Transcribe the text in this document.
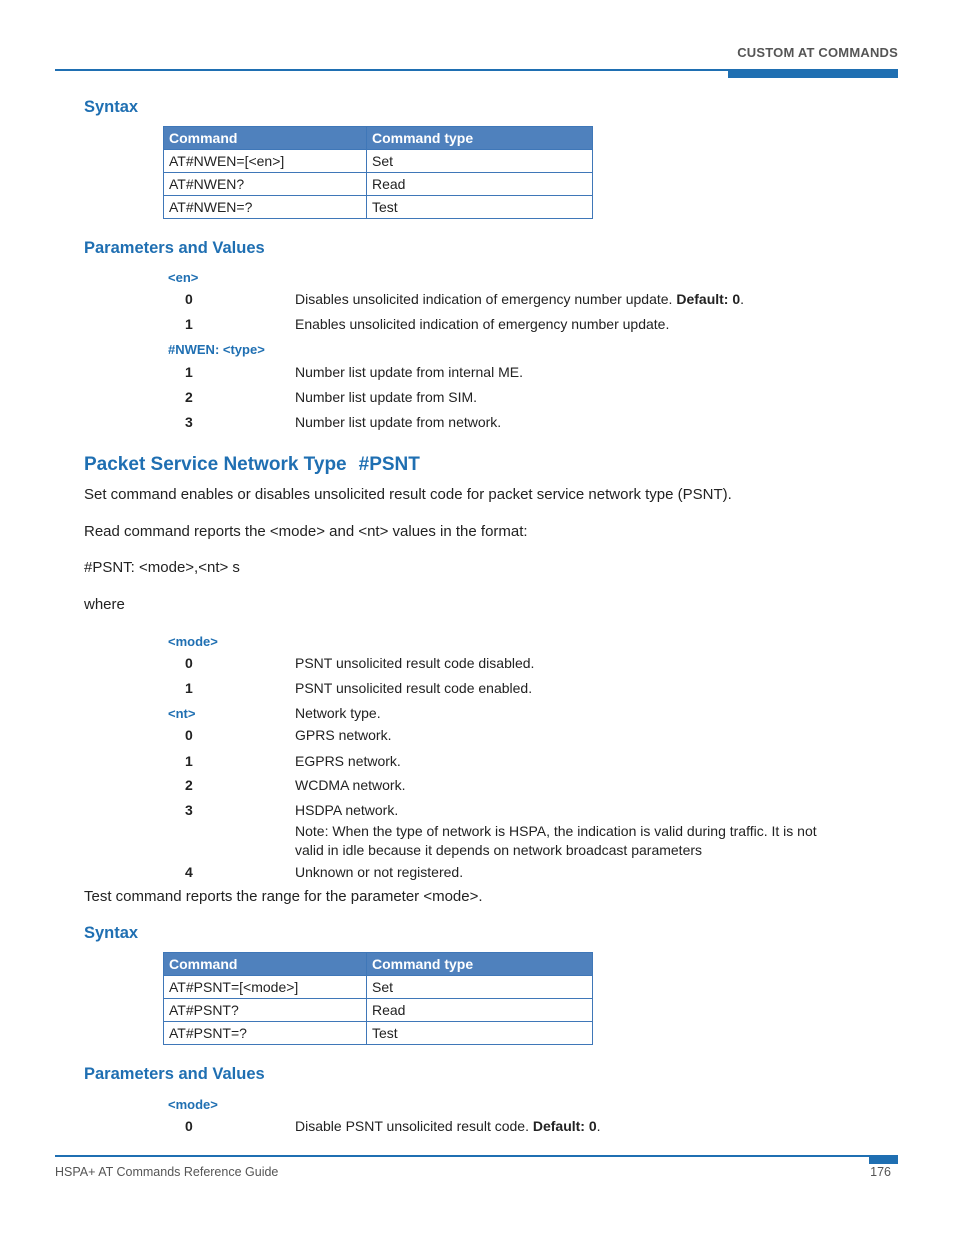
CUSTOM AT COMMANDS
Syntax
Command	Command type
AT#NWEN=[<en>]	Set
AT#NWEN?	Read
AT#NWEN=?	Test
Parameters and Values
<en>
0	Disables unsolicited indication of emergency number update. Default: 0.
1	Enables unsolicited indication of emergency number update.
#NWEN: <type>
1	Number list update from internal ME.
2	Number list update from SIM.
3	Number list update from network.
Packet Service Network Type #PSNT
Set command enables or disables unsolicited result code for packet service network type (PSNT).
Read command reports the <mode> and <nt> values in the format:
#PSNT: <mode>,<nt> s
where
<mode>
0	PSNT unsolicited result code disabled.
1	PSNT unsolicited result code enabled.
<nt>	Network type.
0	GPRS network.
1	EGPRS network.
2	WCDMA network.
3	HSDPA network.
Note: When the type of network is HSPA, the indication is valid during traffic. It is not valid in idle because it depends on network broadcast parameters
4	Unknown or not registered.
Test command reports the range for the parameter <mode>.
Syntax
Command	Command type
AT#PSNT=[<mode>]	Set
AT#PSNT?	Read
AT#PSNT=?	Test
Parameters and Values
<mode>
0	Disable PSNT unsolicited result code. Default: 0.
HSPA+ AT Commands Reference Guide	176
